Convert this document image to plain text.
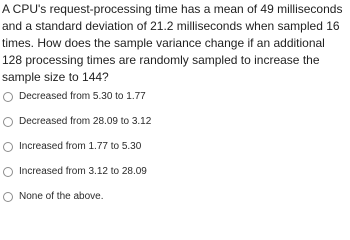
A CPU's request-processing time has a mean of 49 milliseconds and a standard deviation of 21.2 milliseconds when sampled 16 times. How does the sample variance change if an additional 128 processing times are randomly sampled to increase the sample size to 144?

Decreased from 5.30 to 1.77
Decreased from 28.09 to 3.12
Increased from 1.77 to 5.30
Increased from 3.12 to 28.09
None of the above.
